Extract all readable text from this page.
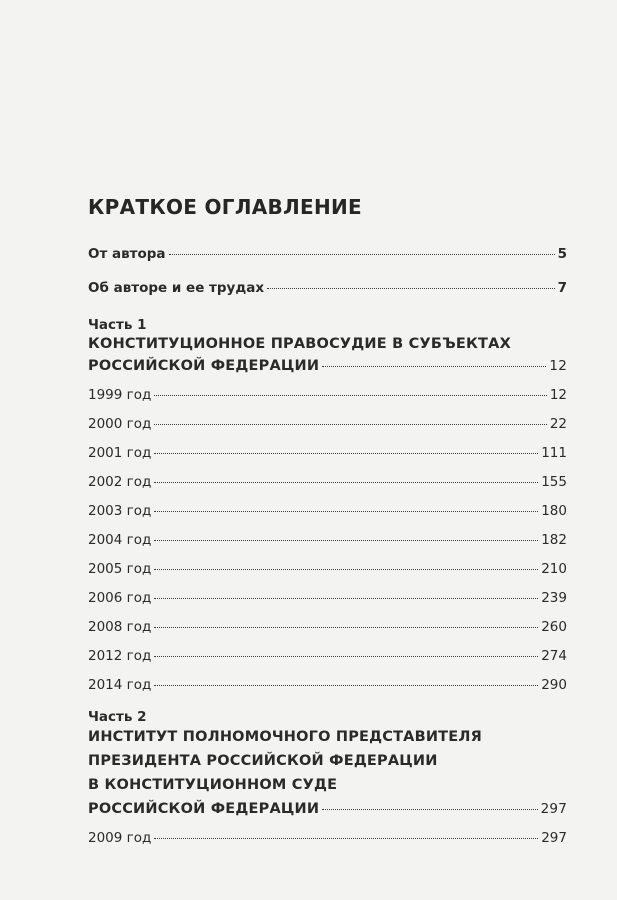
КРАТКОЕ ОГЛАВЛЕНИЕ
От автора	5
Об авторе и ее трудах	7
Часть 1
КОНСТИТУЦИОННОЕ ПРАВОСУДИЕ В СУБЪЕКТАХ
РОССИЙСКОЙ ФЕДЕРАЦИИ	12
1999 год	12
2000 год	22
2001 год	111
2002 год	155
2003 год	180
2004 год	182
2005 год	210
2006 год	239
2008 год	260
2012 год	274
2014 год	290
Часть 2
ИНСТИТУТ ПОЛНОМОЧНОГО ПРЕДСТАВИТЕЛЯ
ПРЕЗИДЕНТА РОССИЙСКОЙ ФЕДЕРАЦИИ
В КОНСТИТУЦИОННОМ СУДЕ
РОССИЙСКОЙ ФЕДЕРАЦИИ	297
2009 год	297
